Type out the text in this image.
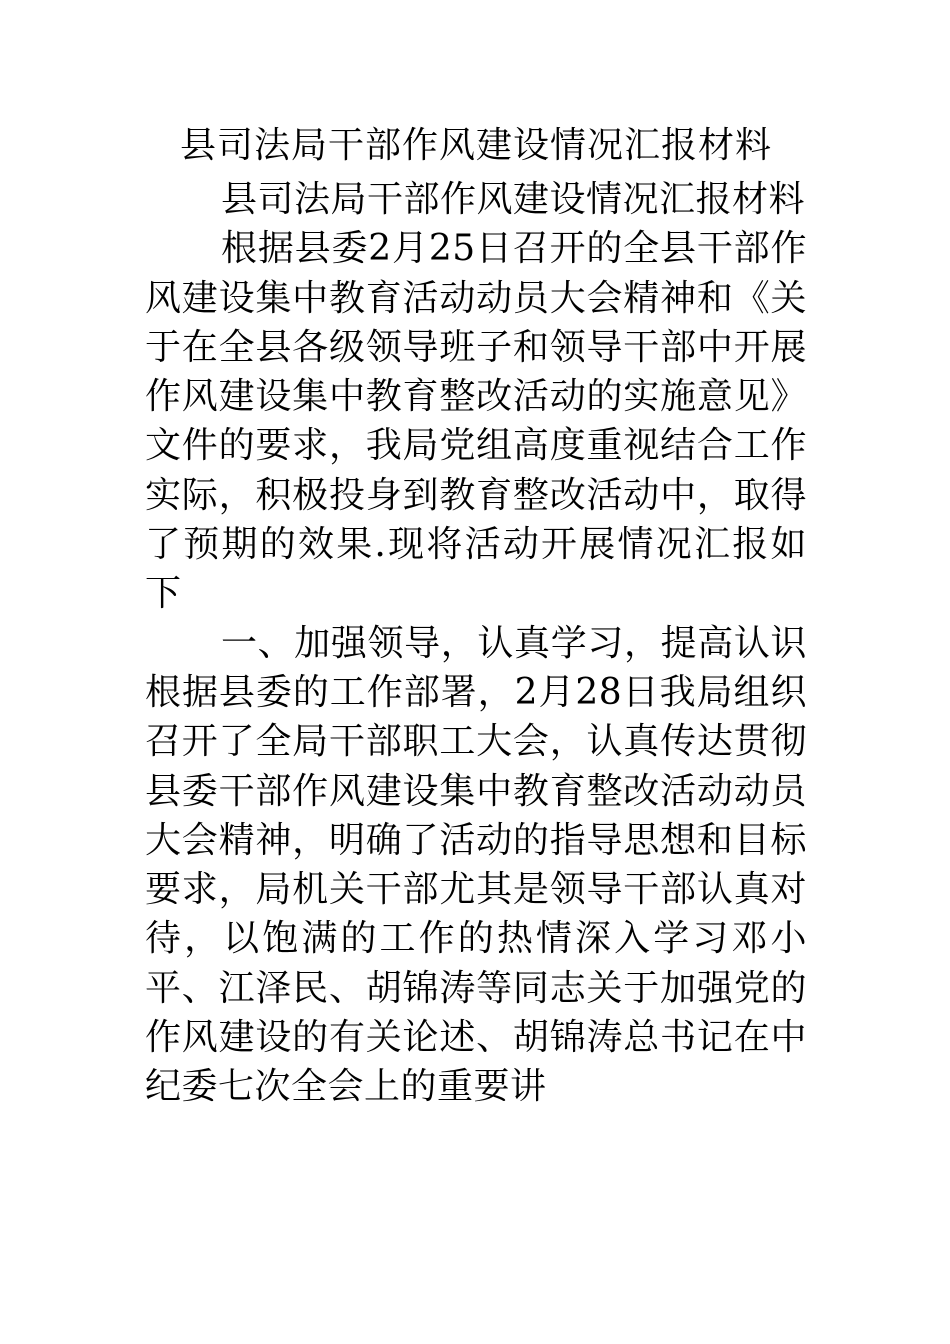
县司法局干部作风建设情况汇报材料

县司法局干部作风建设情况汇报材料

根据县委2月25日召开的全县干部作风建设集中教育活动动员大会精神和《关于在全县各级领导班子和领导干部中开展作风建设集中教育整改活动的实施意见》文件的要求，我局党组高度重视结合工作实际，积极投身到教育整改活动中，取得了预期的效果.现将活动开展情况汇报如下

一、加强领导，认真学习，提高认识根据县委的工作部署，2月28日我局组织召开了全局干部职工大会，认真传达贯彻县委干部作风建设集中教育整改活动动员大会精神，明确了活动的指导思想和目标要求，局机关干部尤其是领导干部认真对待，以饱满的工作的热情深入学习邓小平、江泽民、胡锦涛等同志关于加强党的作风建设的有关论述、胡锦涛总书记在中纪委七次全会上的重要讲
